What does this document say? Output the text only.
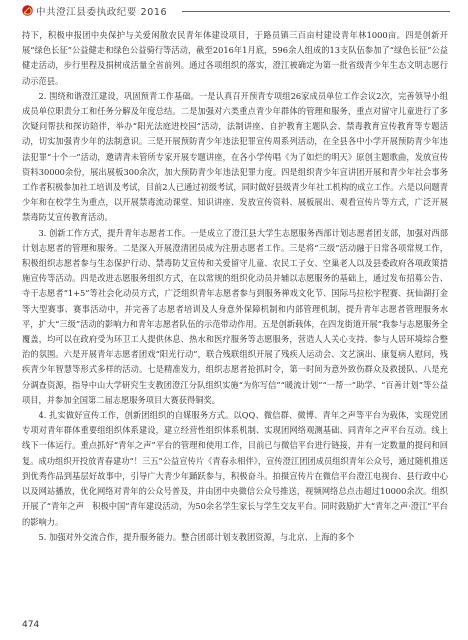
中共澄江县委执政纪要 2016

持下，积极申报团中央保护与关爱闲散农民青年体建设项目，于路员镇三百亩村建设青年林1000亩。四是创新开展“绿色长征”公益健走和绿色公益骑行等活动，截至2016年1月底，596余人组成的13支队伍参加了“绿色长征”公益健走活动，步行里程及捐树成活量全省前列。通过各项组织的落实，澄江被确定为第一批省级青少年生态文明志愿行动示范县。

2. 围绕和谐澄江建设，巩固预青工作基础。一是认真召开预青专项组26家成员单位工作会议2次，完善领导小组成员单位职责分工和任务分解及年度总结。二是加强对六类重点青少年群体的管理和服务，重点对留守儿童进行了多次疑问帮扶和探访陪伴，举办“阳光法庭进校园”活动，法制讲座、自护教育主题队会、禁毒教育宣传教育等专题活动，切实加强青少年的法制意识。三是开展预防青少年违法犯罪宣传周系列活动，在全县各中小学开展预防青少年违法犯罪“十个一”活动，邀请青未管所专家开展专题讲座，在各小学传唱《为了如烂的明天》原创主题歌曲，发放宣传资料30000余份，展出展板300余次，加大预防青少年违法犯罪力度。四是组织青少年宣讲团开展和青少年社会事务工作者积极参加社工培训及考试，目前2人已通过初级考试，同时做好县级青少年社工机构的成立工作。六是以问题青少年和在校学生为重点，以开展禁毒流动课堂、知识讲座、发放宣传资料、展板展出、观看宣传片等方式，广泛开展禁毒防艾宣传教育活动。

3. 创新工作方式，提升青年志愿者工作。一是成立了澄江县大学生志愿服务西部计划志愿者团支部，加强对西部计划志愿者的管理和服务。二是深入开展澄清团员成为注册志愿者工作。三是将“三级”活动融于日常各项常规工作，积极组织志愿者参与生态保护行动、禁毒防艾宣传和关爱留守儿童、农民工子女、空巢老人以及县委政府各项政策措施宣传等活动。四是改进志愿服务组织方式，在以常规的组织化动员并辅以志愿服务的基础上，通过发布招募公告、寺干志愿者“1+5”等社会化动员方式，广泛组织青年志愿者参与到服务禅戏文化节、国际马拉松宇程赛、抚仙湖打金等大型赛事、赛事活动中，并完善了志愿者培训及人身意外保障机制和内部管理机制，提升青年志愿者管理服务水平，扩大“三级”活动的影响力和青年志愿者队伍的示范带动作用。五是创新载体，在四龙街道开展“我参与志愿服务全覆盖，均可以在政府受为环卫工人提供休息、热水和医疗服务等志愿服务，营造人人关心支持、参与人居环境综合整治的氛围。六是开展青年志愿者团戏“阳光行动”，联合残联组织开展了残疾人运动会、文艺演出、康复病人慰问，残疾青少年智慧等形式多样的活动。七是精准发力，组织志愿者抢抓时令，第一时间为意外致伤群众及救援队、八是充分调查资源，指导中山大学研究生支教团澄江分队组织实施“为你写信”“暖流计划”“一帮一”助学、“百善计划”等公益项目，并参加全国第二届志愿服务项目大赛获得铜奖。

4. 扎实做好宣传工作，创新团组织的自媒服务方式。以QQ、微信群、微博、青年之声等平台为载体，实现党团专项对青年群体重要组组织体系建设，建立经营性组织体系机制、实现团网络观测基础、同青年之声平台互动。线上线下一体运行。重点抓好“青年之声”平台的管理和使用工作，目前已与微信平台进行链接，并有一定数量的提问和回复。成功组织开投放青春建功“！三五”公益宣传片《青春永相伴》，宣传澄江团团成员组织青年公众号，通过随机推送到优秀作品到基层好故事中，引导广大青少年踊跃参与，积极奋斗。拍摄宣传片在微信平台澄江电视台、县行政中心以及网站播放，优化网络对青年的公众号普及，并由团中央微信公众号推送，视频网络总点击超过10000余次。组织开展了“青年之声　积极中国”青年建设活动，为50余名学生家长与学生交友平台。同时鼓励扩大“青年之声·澄江”平台的影响力。

5. 加强对外交流合作，提升服务能力。整合团部计划支教团资源，与北京、上海的多个

474
